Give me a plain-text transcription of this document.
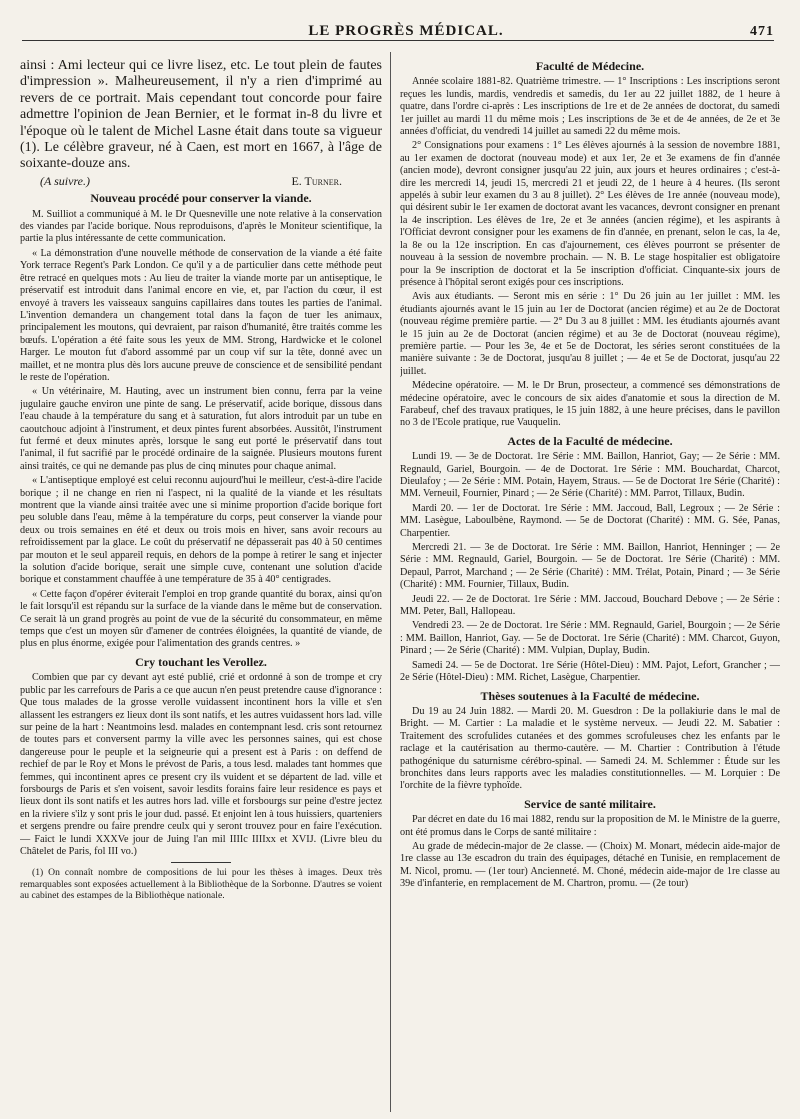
LE PROGRÈS MÉDICAL.	471

ainsi : Ami lecteur qui ce livre lisez, etc. Le tout plein de fautes d'impression ». Malheureusement, il n'y a rien d'imprimé au revers de ce portrait. Mais cependant tout concorde pour faire admettre l'opinion de Jean Bernier, et le format in-8 du livre et l'époque où le talent de Michel Lasne était dans toute sa vigueur (1). Le célèbre graveur, né à Caen, est mort en 1667, à l'âge de soixante-douze ans.

(A suivre.)	E. Turner.
Nouveau procédé pour conserver la viande.

M. Suilliot a communiqué à M. le Dr Quesneville une note relative à la conservation des viandes par l'acide borique. Nous reproduisons, d'après le Moniteur scientifique, la partie la plus intéressante de cette communication.

« La démonstration d'une nouvelle méthode de conservation de la viande a été faite York terrace Regent's Park London. Ce qu'il y a de particulier dans cette méthode peut être retracé en quelques mots : Au lieu de traiter la viande morte par un antiseptique, le préservatif est introduit dans l'animal encore en vie, et, par l'action du cœur, il est envoyé à travers les vaisseaux sanguins capillaires dans toutes les parties de l'animal. L'invention demandera un changement total dans la façon de tuer les animaux, principalement les moutons, qui devraient, par raison d'humanité, être traités comme les bœufs. L'opération a été faite sous les yeux de MM. Strong, Hardwicke et le colonel Harger. Le mouton fut d'abord assommé par un coup vif sur la tête, donné avec un maillet, et ne montra plus dès lors aucune preuve de conscience et de sensibilité pendant le reste de l'opération.

« Un vétérinaire, M. Hauting, avec un instrument bien connu, ferra par la veine jugulaire gauche environ une pinte de sang. Le préservatif, acide borique, dissous dans l'eau chaude à la température du sang et à saturation, fut alors introduit par un tube en caoutchouc adjoint à l'instrument, et deux pintes furent absorbées. Aussitôt, l'instrument fut fermé et deux minutes après, lorsque le sang eut porté le préservatif dans tout l'animal, il fut sacrifié par le procédé ordinaire de la saignée. Plusieurs moutons furent ainsi traités, ce qui ne demande pas plus de cinq minutes pour chaque animal.

« L'antiseptique employé est celui reconnu aujourd'hui le meilleur, c'est-à-dire l'acide borique ; il ne change en rien ni l'aspect, ni la qualité de la viande et les résultats montrent que la viande ainsi traitée avec une si minime proportion d'acide borique fort peu soluble dans l'eau, même à la température du corps, peut conserver la viande pour deux ou trois semaines en été et deux ou trois mois en hiver, sans avoir recours au refroidissement par la glace. Le coût du préservatif ne dépasserait pas 40 à 50 centimes par mouton et le seul appareil requis, en dehors de la pompe à retirer le sang et injecter la solution d'acide borique, serait une simple cuve, contenant une solution d'acide borique et constamment chauffée à une température de 35 à 40° centigrades.

« Cette façon d'opérer éviterait l'emploi en trop grande quantité du borax, ainsi qu'on le fait lorsqu'il est répandu sur la surface de la viande dans le même but de conservation. Ce serait là un grand progrès au point de vue de la sécurité du consommateur, en même temps que c'est un moyen sûr d'amener de contrées éloignées, la quantité de viande, de plus en plus énorme, exigée pour l'alimentation des grands centres. »

Cry touchant les Verollez.

Combien que par cy devant ayt esté publié, crié et ordonné à son de trompe et cry public par les carrefours de Paris a ce que aucun n'en peust pretendre cause d'ignorance : Que tous malades de la grosse verolle vuidassent incontinent hors la ville et s'en allassent les estrangers ez lieux dont ils sont natifs, et les autres vuidassent hors lad. ville sur peine de la hart : Neantmoins lesd. malades en contempnant lesd. cris sont retournez de toutes pars et conversent parmy la ville avec les personnes saines, qui est chose dangereuse pour le peuple et la seigneurie qui a present est à Paris : on deffend de rechief de par le Roy et Mons le prévost de Paris, a tous lesd. malades tant hommes que femmes, qui incontinent apres ce present cry ils vuident et se départent de lad. ville et forsbourgs de Paris et s'en voisent, savoir lesdits forains faire leur residence es pays et lieux dont ils sont natifs et les autres hors lad. ville et forsbourgs sur peine d'estre jectez en la riviere s'ilz y sont pris le jour dud. passé. Et enjoint len à tous huissiers, quarteniers et sergens prendre ou faire prendre ceulx qui y seront trouvez pour en faire l'exécution. — Faict le lundi XXXVe jour de Juing l'an mil IIIIc IIIIxx et XVIJ. (Livre bleu du Châtelet de Paris, fol III vo.)

(1) On connaît nombre de compositions de lui pour les thèses à images. Deux très remarquables sont exposées actuellement à la Bibliothèque de la Sorbonne. D'autres se voient au cabinet des estampes de la Bibliothèque nationale.

Faculté de Médecine.

Année scolaire 1881-82. Quatrième trimestre. — 1° Inscriptions : Les inscriptions seront reçues les lundis, mardis, vendredis et samedis, du 1er au 22 juillet 1882, de 1 heure à quatre, dans l'ordre ci-après : Les inscriptions de 1re et de 2e années de doctorat, du samedi 1er juillet au mardi 11 du même mois ; Les inscriptions de 3e et de 4e années, de 2e et 3e années d'officiat, du vendredi 14 juillet au samedi 22 du même mois.

2° Consignations pour examens : 1° Les élèves ajournés à la session de novembre 1881, au 1er examen de doctorat (nouveau mode) et aux 1er, 2e et 3e examens de fin d'année (ancien mode), devront consigner jusqu'au 22 juin, aux jours et heures ordinaires ; c'est-à-dire les mercredi 14, jeudi 15, mercredi 21 et jeudi 22, de 1 heure à 4 heures. (Ils seront appelés à subir leur examen du 3 au 8 juillet). 2° Les élèves de 1re année (nouveau mode), qui désirent subir le 1er examen de doctorat avant les vacances, devront consigner en prenant la 4e inscription. Les élèves de 1re, 2e et 3e années (ancien régime), et les aspirants à l'Officiat devront consigner pour les examens de fin d'année, en prenant, selon le cas, la 4e, la 8e ou la 12e inscription. En cas d'ajournement, ces élèves pourront se présenter de nouveau à la session de novembre prochain. — N. B. Le stage hospitalier est obligatoire pour la 9e inscription de doctorat et la 5e inscription d'officiat. Cinquante-six jours de présence à l'hôpital seront exigés pour ces inscriptions.

Avis aux étudiants. — Seront mis en série : 1° Du 26 juin au 1er juillet : MM. les étudiants ajournés avant le 15 juin au 1er de Doctorat (ancien régime) et au 2e de Doctorat (nouveau régime première partie. — 2° Du 3 au 8 juillet : MM. les étudiants ajournés avant le 15 juin au 2e de Doctorat (ancien régime) et au 3e de Doctorat (nouveau régime), première partie. — Pour les 3e, 4e et 5e de Doctorat, les séries seront constituées de la manière suivante : 3e de Doctorat, jusqu'au 8 juillet ; — 4e et 5e de Doctorat, jusqu'au 22 juillet.

Médecine opératoire. — M. le Dr Brun, prosecteur, a commencé ses démonstrations de médecine opératoire, avec le concours de six aides d'anatomie et sous la direction de M. Farabeuf, chef des travaux pratiques, le 15 juin 1882, à une heure précises, dans le pavillon no 3 de l'Ecole pratique, rue Vauquelin.

Actes de la Faculté de médecine.

Lundi 19. — 3e de Doctorat. 1re Série : MM. Baillon, Hanriot, Gay; — 2e Série : MM. Regnauld, Gariel, Bourgoin. — 4e de Doctorat. 1re Série : MM. Bouchardat, Charcot, Dieulafoy ; — 2e Série : MM. Potain, Hayem, Straus. — 5e de Doctorat 1re Série (Charité) : MM. Verneuil, Fournier, Pinard ; — 2e Série (Charité) : MM. Parrot, Tillaux, Budin.

Mardi 20. — 1er de Doctorat. 1re Série : MM. Jaccoud, Ball, Legroux ; — 2e Série : MM. Lasègue, Laboulbène, Raymond. — 5e de Doctorat (Charité) : MM. G. Sée, Panas, Charpentier.

Mercredi 21. — 3e de Doctorat. 1re Série : MM. Baillon, Hanriot, Henninger ; — 2e Série : MM. Regnauld, Gariel, Bourgoin. — 5e de Doctorat. 1re Série (Charité) : MM. Depaul, Parrot, Marchand ; — 2e Série (Charité) : MM. Trélat, Potain, Pinard ; — 3e Série (Charité) : MM. Fournier, Tillaux, Budin.

Jeudi 22. — 2e de Doctorat. 1re Série : MM. Jaccoud, Bouchard Debove ; — 2e Série : MM. Peter, Ball, Hallopeau.

Vendredi 23. — 2e de Doctorat. 1re Série : MM. Regnauld, Gariel, Bourgoin ; — 2e Série : MM. Baillon, Hanriot, Gay. — 5e de Doctorat. 1re Série (Charité) : MM. Charcot, Guyon, Pinard ; — 2e Série (Charité) : MM. Vulpian, Duplay, Budin.

Samedi 24. — 5e de Doctorat. 1re Série (Hôtel-Dieu) : MM. Pajot, Lefort, Grancher ; — 2e Série (Hôtel-Dieu) : MM. Richet, Lasègue, Charpentier.

Thèses soutenues à la Faculté de médecine.

Du 19 au 24 Juin 1882. — Mardi 20. M. Guesdron : De la pollakiurie dans le mal de Bright. — M. Cartier : La maladie et le système nerveux. — Jeudi 22. M. Sabatier : Traitement des scrofulides cutanées et des gommes scrofuleuses chez les enfants par le raclage et la cautérisation au thermo-cautère. — M. Chartier : Contribution à l'étude pathogénique du saturnisme cérébro-spinal. — Samedi 24. M. Schlemmer : Étude sur les bronchites dans leurs rapports avec les maladies constitutionnelles. — M. Lorquier : De l'orchite de la fièvre typhoïde.

Service de santé militaire.

Par décret en date du 16 mai 1882, rendu sur la proposition de M. le Ministre de la guerre, ont été promus dans le Corps de santé militaire :

Au grade de médecin-major de 2e classe. — (Choix) M. Monart, médecin aide-major de 1re classe au 13e escadron du train des équipages, détaché en Tunisie, en remplacement de M. Nicol, promu. — (1er tour) Ancienneté. M. Choné, médecin aide-major de 1re classe au 39e d'infanterie, en remplacement de M. Chartron, promu. — (2e tour)
